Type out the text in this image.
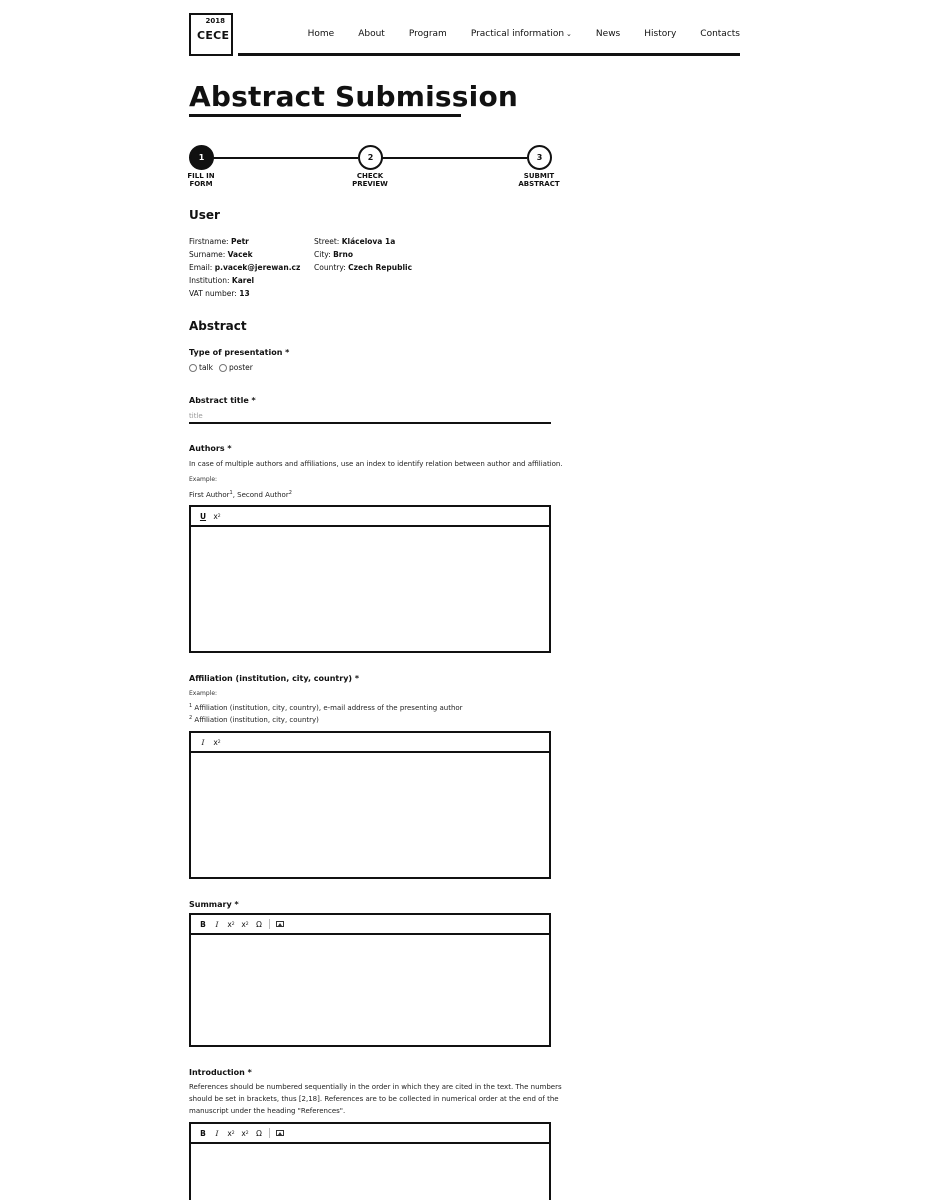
2018
CECE	Home	About	Program	Practical information ⌄	News	History	Contacts
Abstract Submission
1	2	3
FILL IN
FORM
CHECK
PREVIEW
SUBMIT
ABSTRACT
User
Firstname: Petr
Surname: Vacek
Email: p.vacek@jerewan.cz
Institution: Karel
VAT number: 13
Street: Klácelova 1a
City: Brno
Country: Czech Republic
Abstract
Type of presentation *
talk poster
Abstract title *
title
Authors *
In case of multiple authors and affiliations, use an index to identify relation between author and affiliation.
Example:
First Author$^1$, Second Author$^2$
U x 2
Affiliation (institution, city, country) *
Example:
$^1$ Affiliation (institution, city, country), e-mail address of the presenting author
$^2$ Affiliation (institution, city, country)
I	x 2
Summary *
B	I	x 2 x 2 Ω
Introduction *
References should be numbered sequentially in the order in which they are cited in the text. The numbers
should be set in brackets, thus [2,18]. References are to be collected in numerical order at the end of the
manuscript under the heading "References".
B	I	x 2 x 2 Ω
